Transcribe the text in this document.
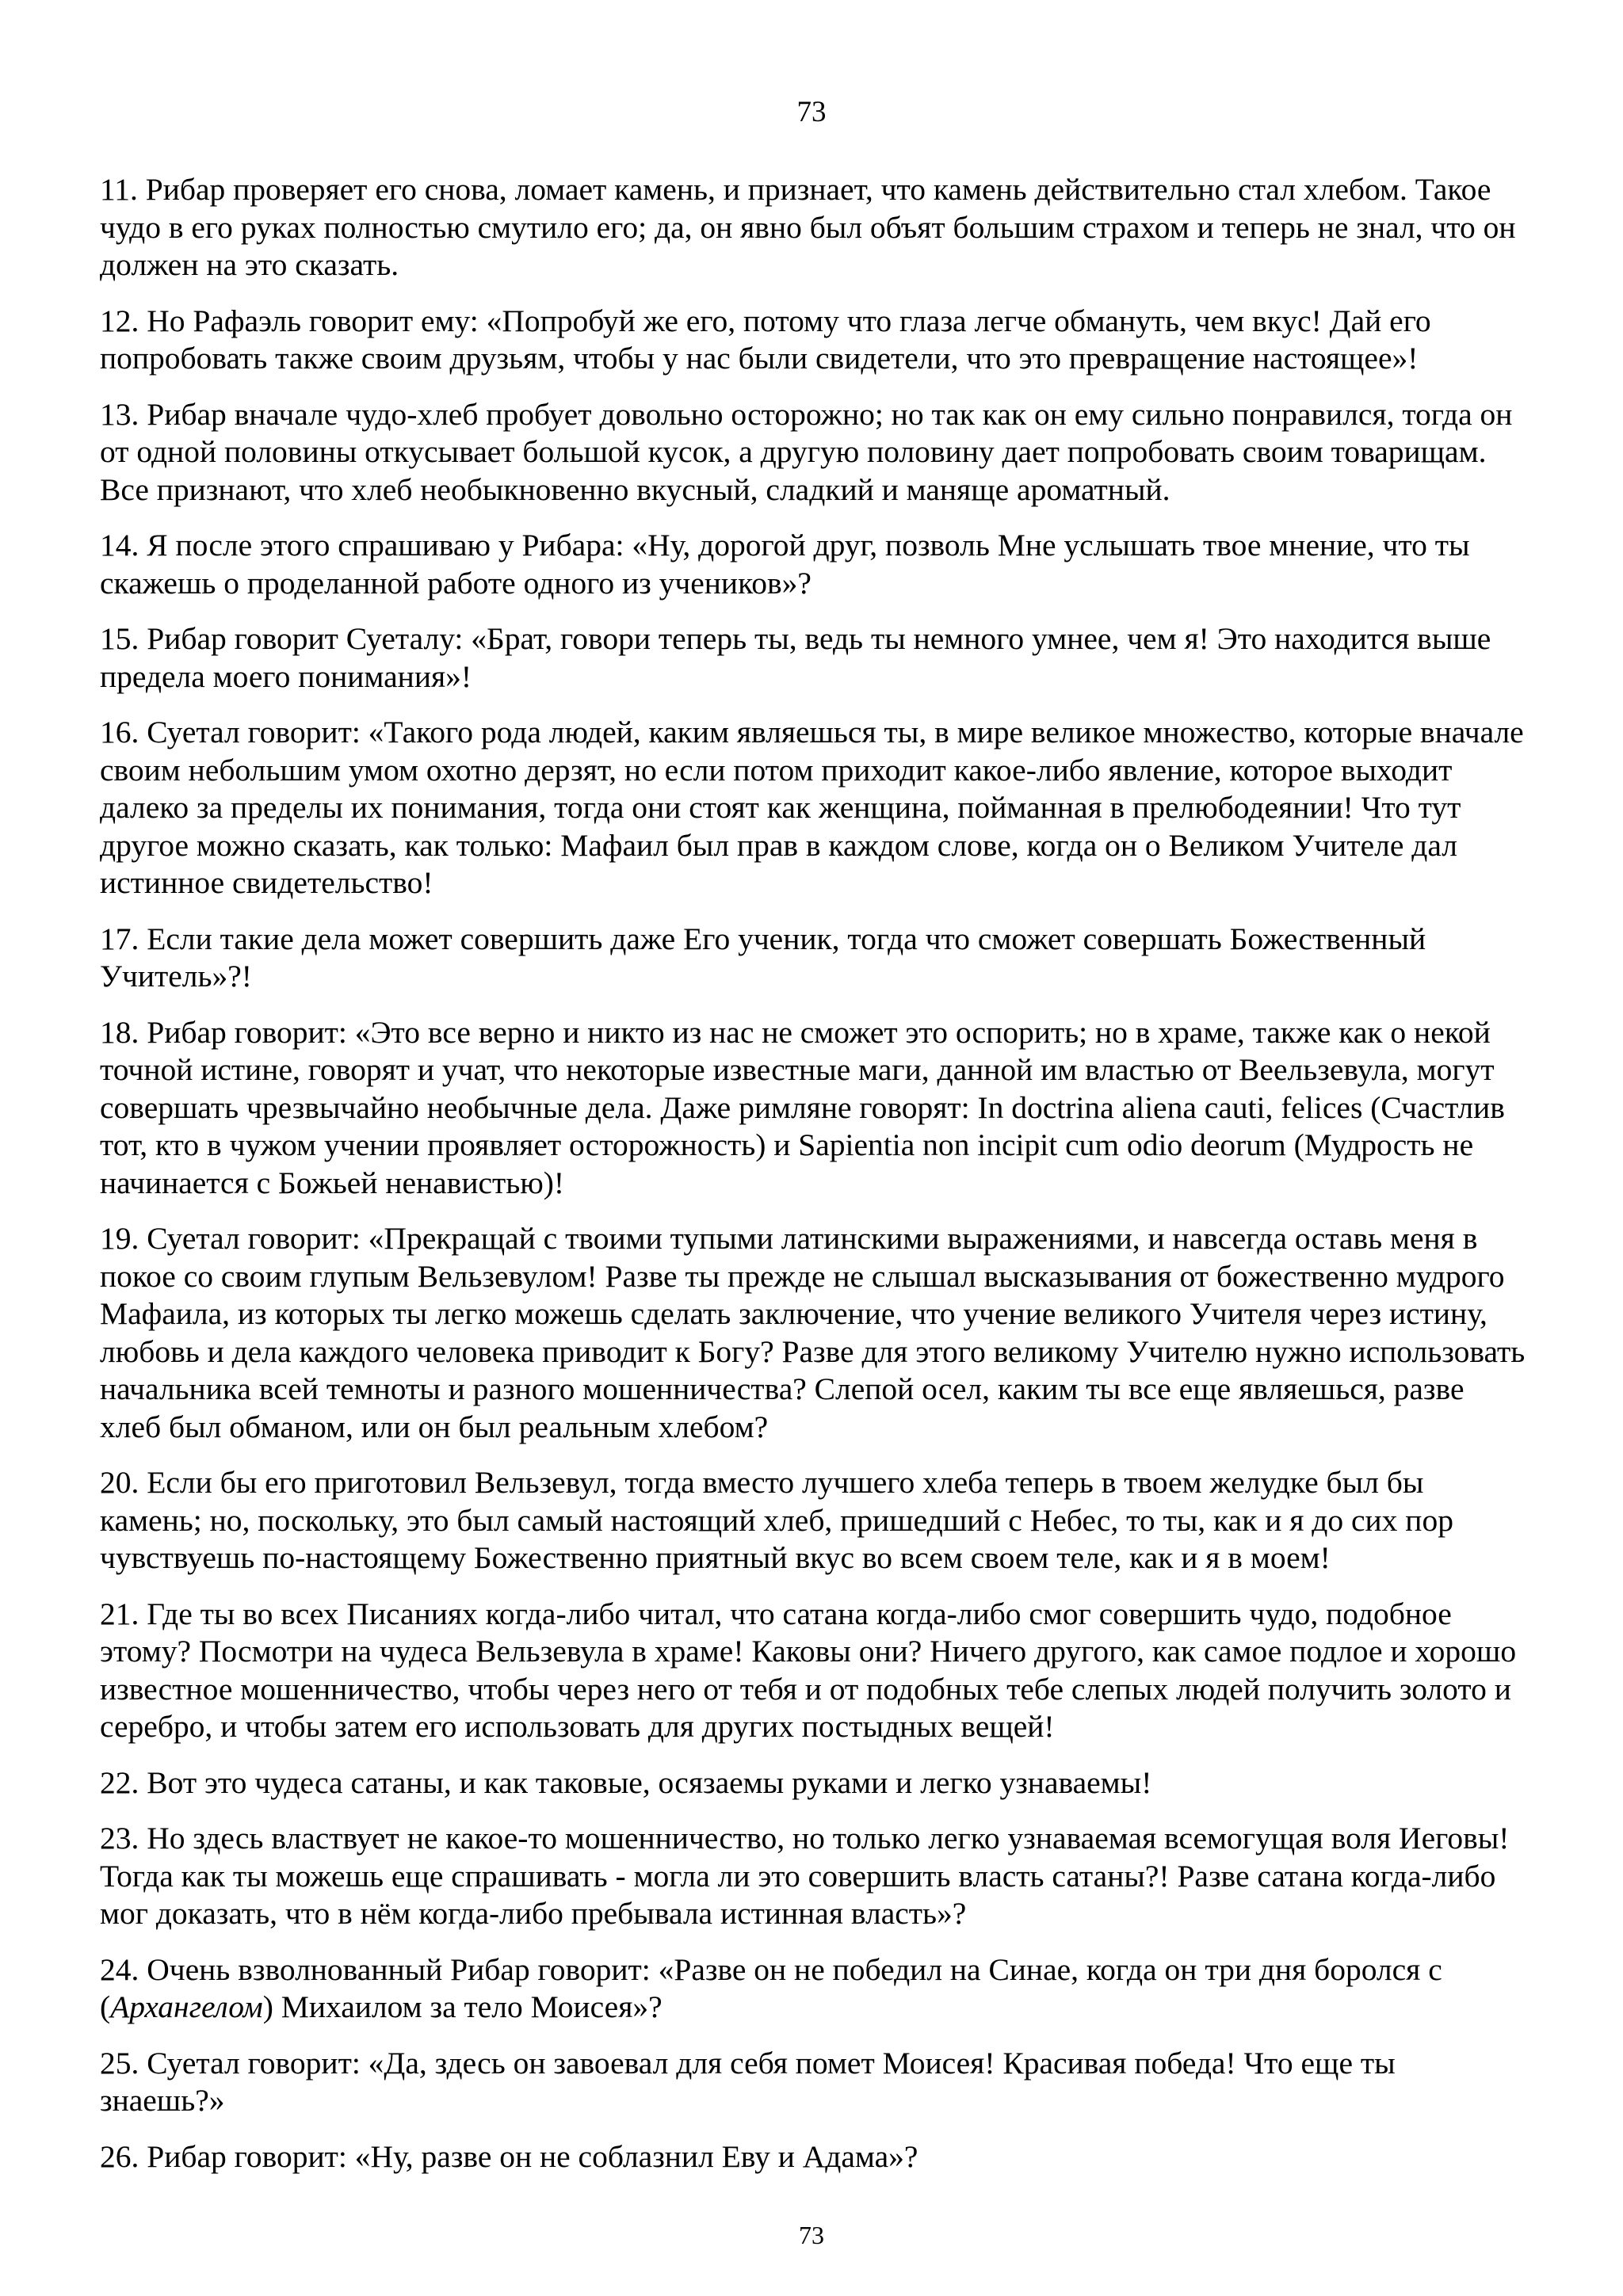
73

11. Рибар проверяет его снова, ломает камень, и признает, что камень действительно стал хлебом. Такое чудо в его руках полностью смутило его; да, он явно был объят большим страхом и теперь не знал, что он должен на это сказать.

12. Но Рафаэль говорит ему: «Попробуй же его, потому что глаза легче обмануть, чем вкус! Дай его попробовать также своим друзьям, чтобы у нас были свидетели, что это превращение настоящее»!

13. Рибар вначале чудо-хлеб пробует довольно осторожно; но так как он ему сильно понравился, тогда он от одной половины откусывает большой кусок, а другую половину дает попробовать своим товарищам. Все признают, что хлеб необыкновенно вкусный, сладкий и манящe ароматный.

14. Я после этого спрашиваю у Рибара: «Ну, дорогой друг, позволь Мне услышать твое мнение, что ты скажешь о проделанной работе одного из учеников»?

15. Рибар говорит Суеталу: «Брат, говори теперь ты, ведь ты немного умнее, чем я! Это находится выше предела моего понимания»!

16. Суетал говорит: «Такого рода людей, каким являешься ты, в мире великое множество, которые вначале своим небольшим умом охотно дерзят, но если потом приходит какое-либо явление, которое выходит далеко за пределы их понимания, тогда они стоят как женщина, пойманная в прелюбодеянии! Что тут другое можно сказать, как только: Мафаил был прав в каждом слове, когда он о Великом Учителе дал истинное свидетельство!

17. Если такие дела может совершить даже Его ученик, тогда что сможет совершать Божественный Учитель»?!

18. Рибар говорит: «Это все верно и никто из нас не сможет это оспорить; но в храме, также как о некой точной истине, говорят и учат, что некоторые известные маги, данной им властью от Веельзевула, могут совершать чрезвычайно необычные дела. Даже римляне говорят: In doctrina aliena cauti, felices (Счастлив тот, кто в чужом учении проявляет осторожность) и Sapientia non incipit cum odio deorum (Мудрость не начинается с Божьей ненавистью)!

19. Суетал говорит: «Прекращай с твоими тупыми латинскими выражениями, и навсегда оставь меня в покое со своим глупым Вельзевулом! Разве ты прежде не слышал высказывания от божественно мудрого Мафаила, из которых ты легко можешь сделать заключение, что учение великого Учителя через истину, любовь и дела каждого человека приводит к Богу? Разве для этого великому Учителю нужно использовать начальника всей темноты и разного мошенничества? Слепой осел, каким ты все еще являешься, разве хлеб был обманом, или он был реальным хлебом?

20. Если бы его приготовил Вельзевул, тогда вместо лучшего хлеба теперь в твоем желудке был бы камень; но, поскольку, это был самый настоящий хлеб, пришедший с Небес, то ты, как и я до сих пор чувствуешь по-настоящему Божественно приятный вкус во всем своем теле, как и я в моем!

21. Где ты во всех Писаниях когда-либо читал, что сатана когда-либо смог совершить чудо, подобное этому? Посмотри на чудеса Вельзевула в храме! Каковы они? Ничего другого, как самое подлое и хорошо известное мошенничество, чтобы через него от тебя и от подобных тебе слепых людей получить золото и серебро, и чтобы затем его использовать для других постыдных вещей!

22. Вот это чудеса сатаны, и как таковые, осязаемы руками и легко узнаваемы!

23. Но здесь властвует не какое-то мошенничество, но только легко узнаваемая всемогущая воля Иеговы! Тогда как ты можешь еще спрашивать - могла ли это совершить власть сатаны?! Разве сатана когда-либо мог доказать, что в нём когда-либо пребывала истинная власть»?

24. Очень взволнованный Рибар говорит: «Разве он не победил на Синае, когда он три дня боролся с (Архангелом) Михаилом за тело Моисея»?

25. Суетал говорит: «Да, здесь он завоевал для себя помет Моисея! Красивая победа! Что еще ты знаешь?»

26. Рибар говорит: «Ну, разве он не соблазнил Еву и Адама»?

73
